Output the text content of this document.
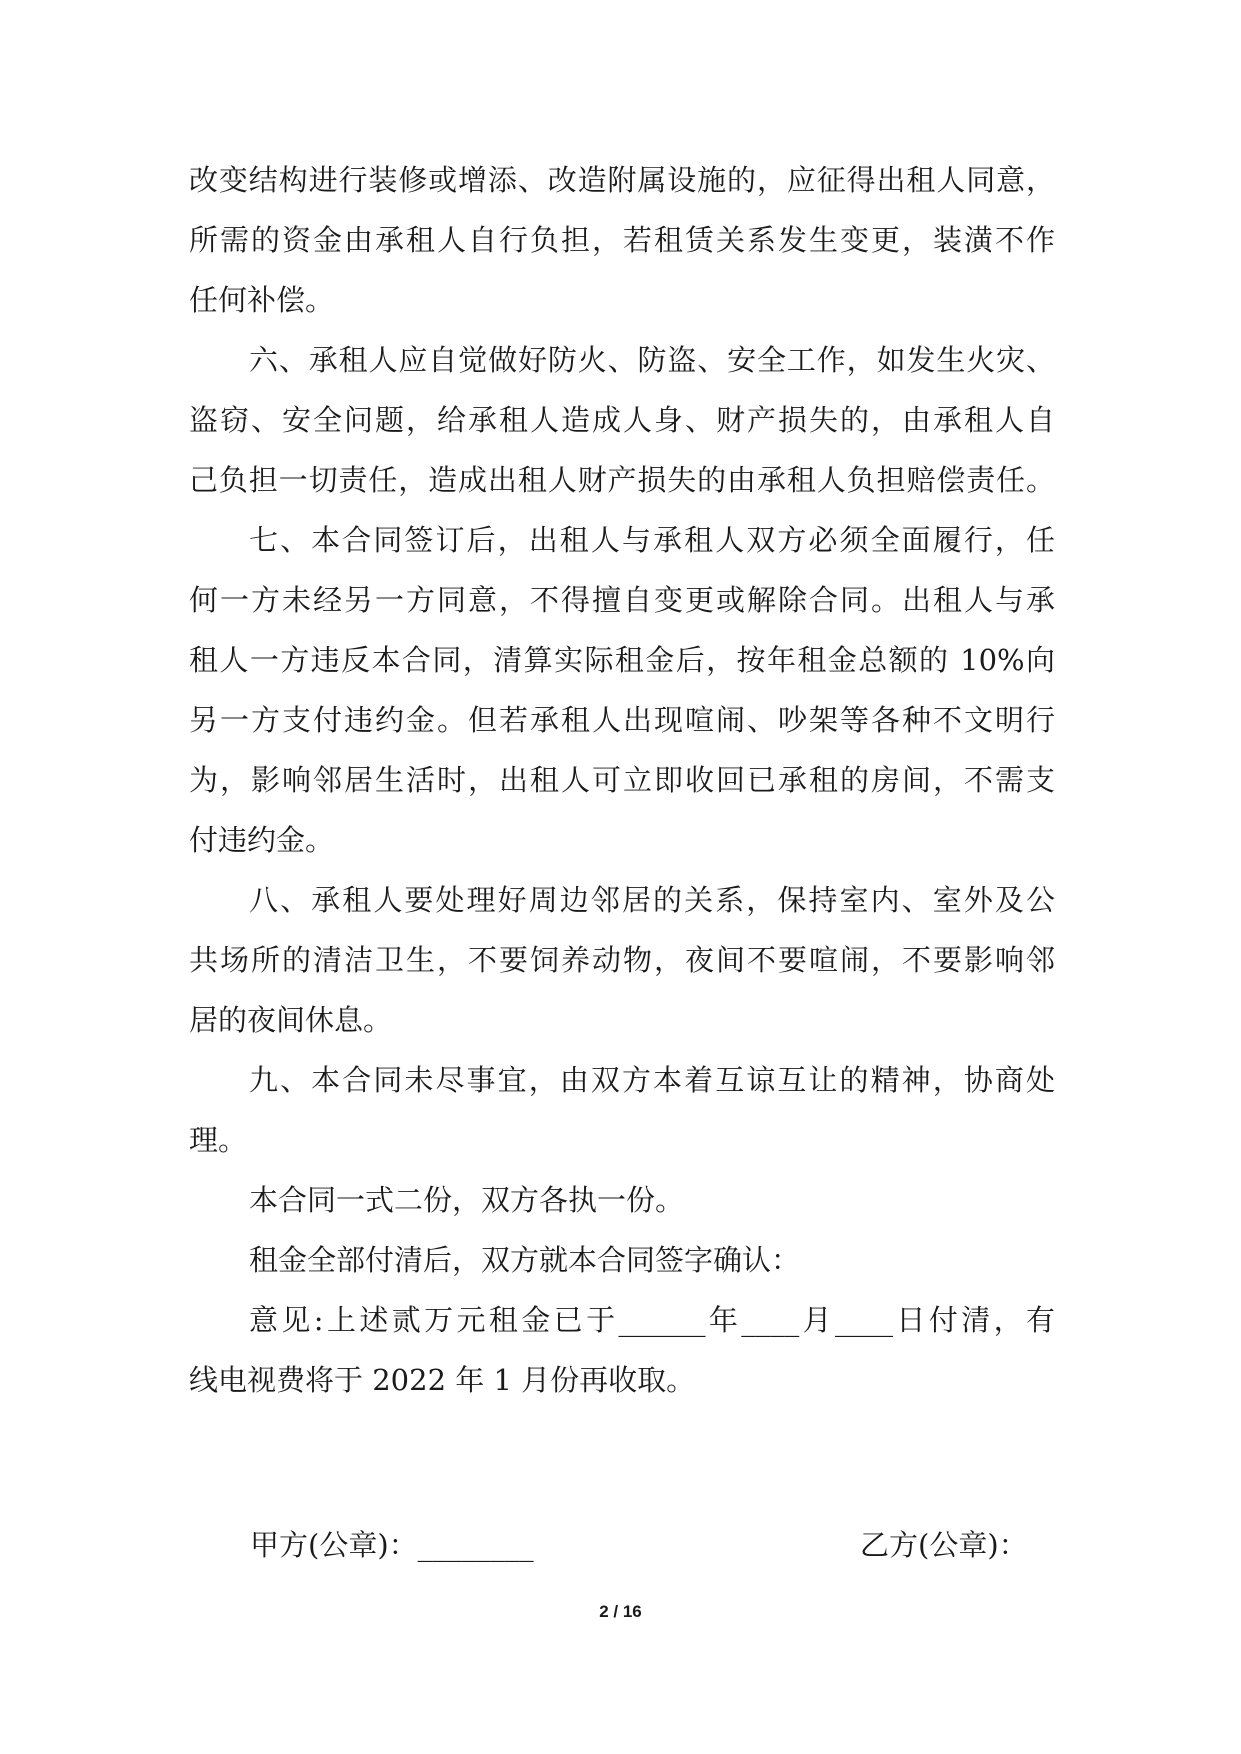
改变结构进行装修或增添、改造附属设施的，应征得出租人同意，
所需的资金由承租人自行负担，若租赁关系发生变更，装潢不作
任何补偿。
六、承租人应自觉做好防火、防盗、安全工作，如发生火灾、
盗窃、安全问题，给承租人造成人身、财产损失的，由承租人自
己负担一切责任，造成出租人财产损失的由承租人负担赔偿责任。
七、本合同签订后，出租人与承租人双方必须全面履行，任
何一方未经另一方同意，不得擅自变更或解除合同。出租人与承
租人一方违反本合同，清算实际租金后，按年租金总额的 10%向
另一方支付违约金。但若承租人出现喧闹、吵架等各种不文明行
为，影响邻居生活时，出租人可立即收回已承租的房间，不需支
付违约金。
八、承租人要处理好周边邻居的关系，保持室内、室外及公
共场所的清洁卫生，不要饲养动物，夜间不要喧闹，不要影响邻
居的夜间休息。
九、本合同未尽事宜，由双方本着互谅互让的精神，协商处
理。
本合同一式二份，双方各执一份。
租金全部付清后，双方就本合同签字确认：
意见:上述贰万元租金已于______年____月____日付清，有
线电视费将于 2022 年 1 月份再收取。
甲方(公章)：________	乙方(公章)：
2 / 16
